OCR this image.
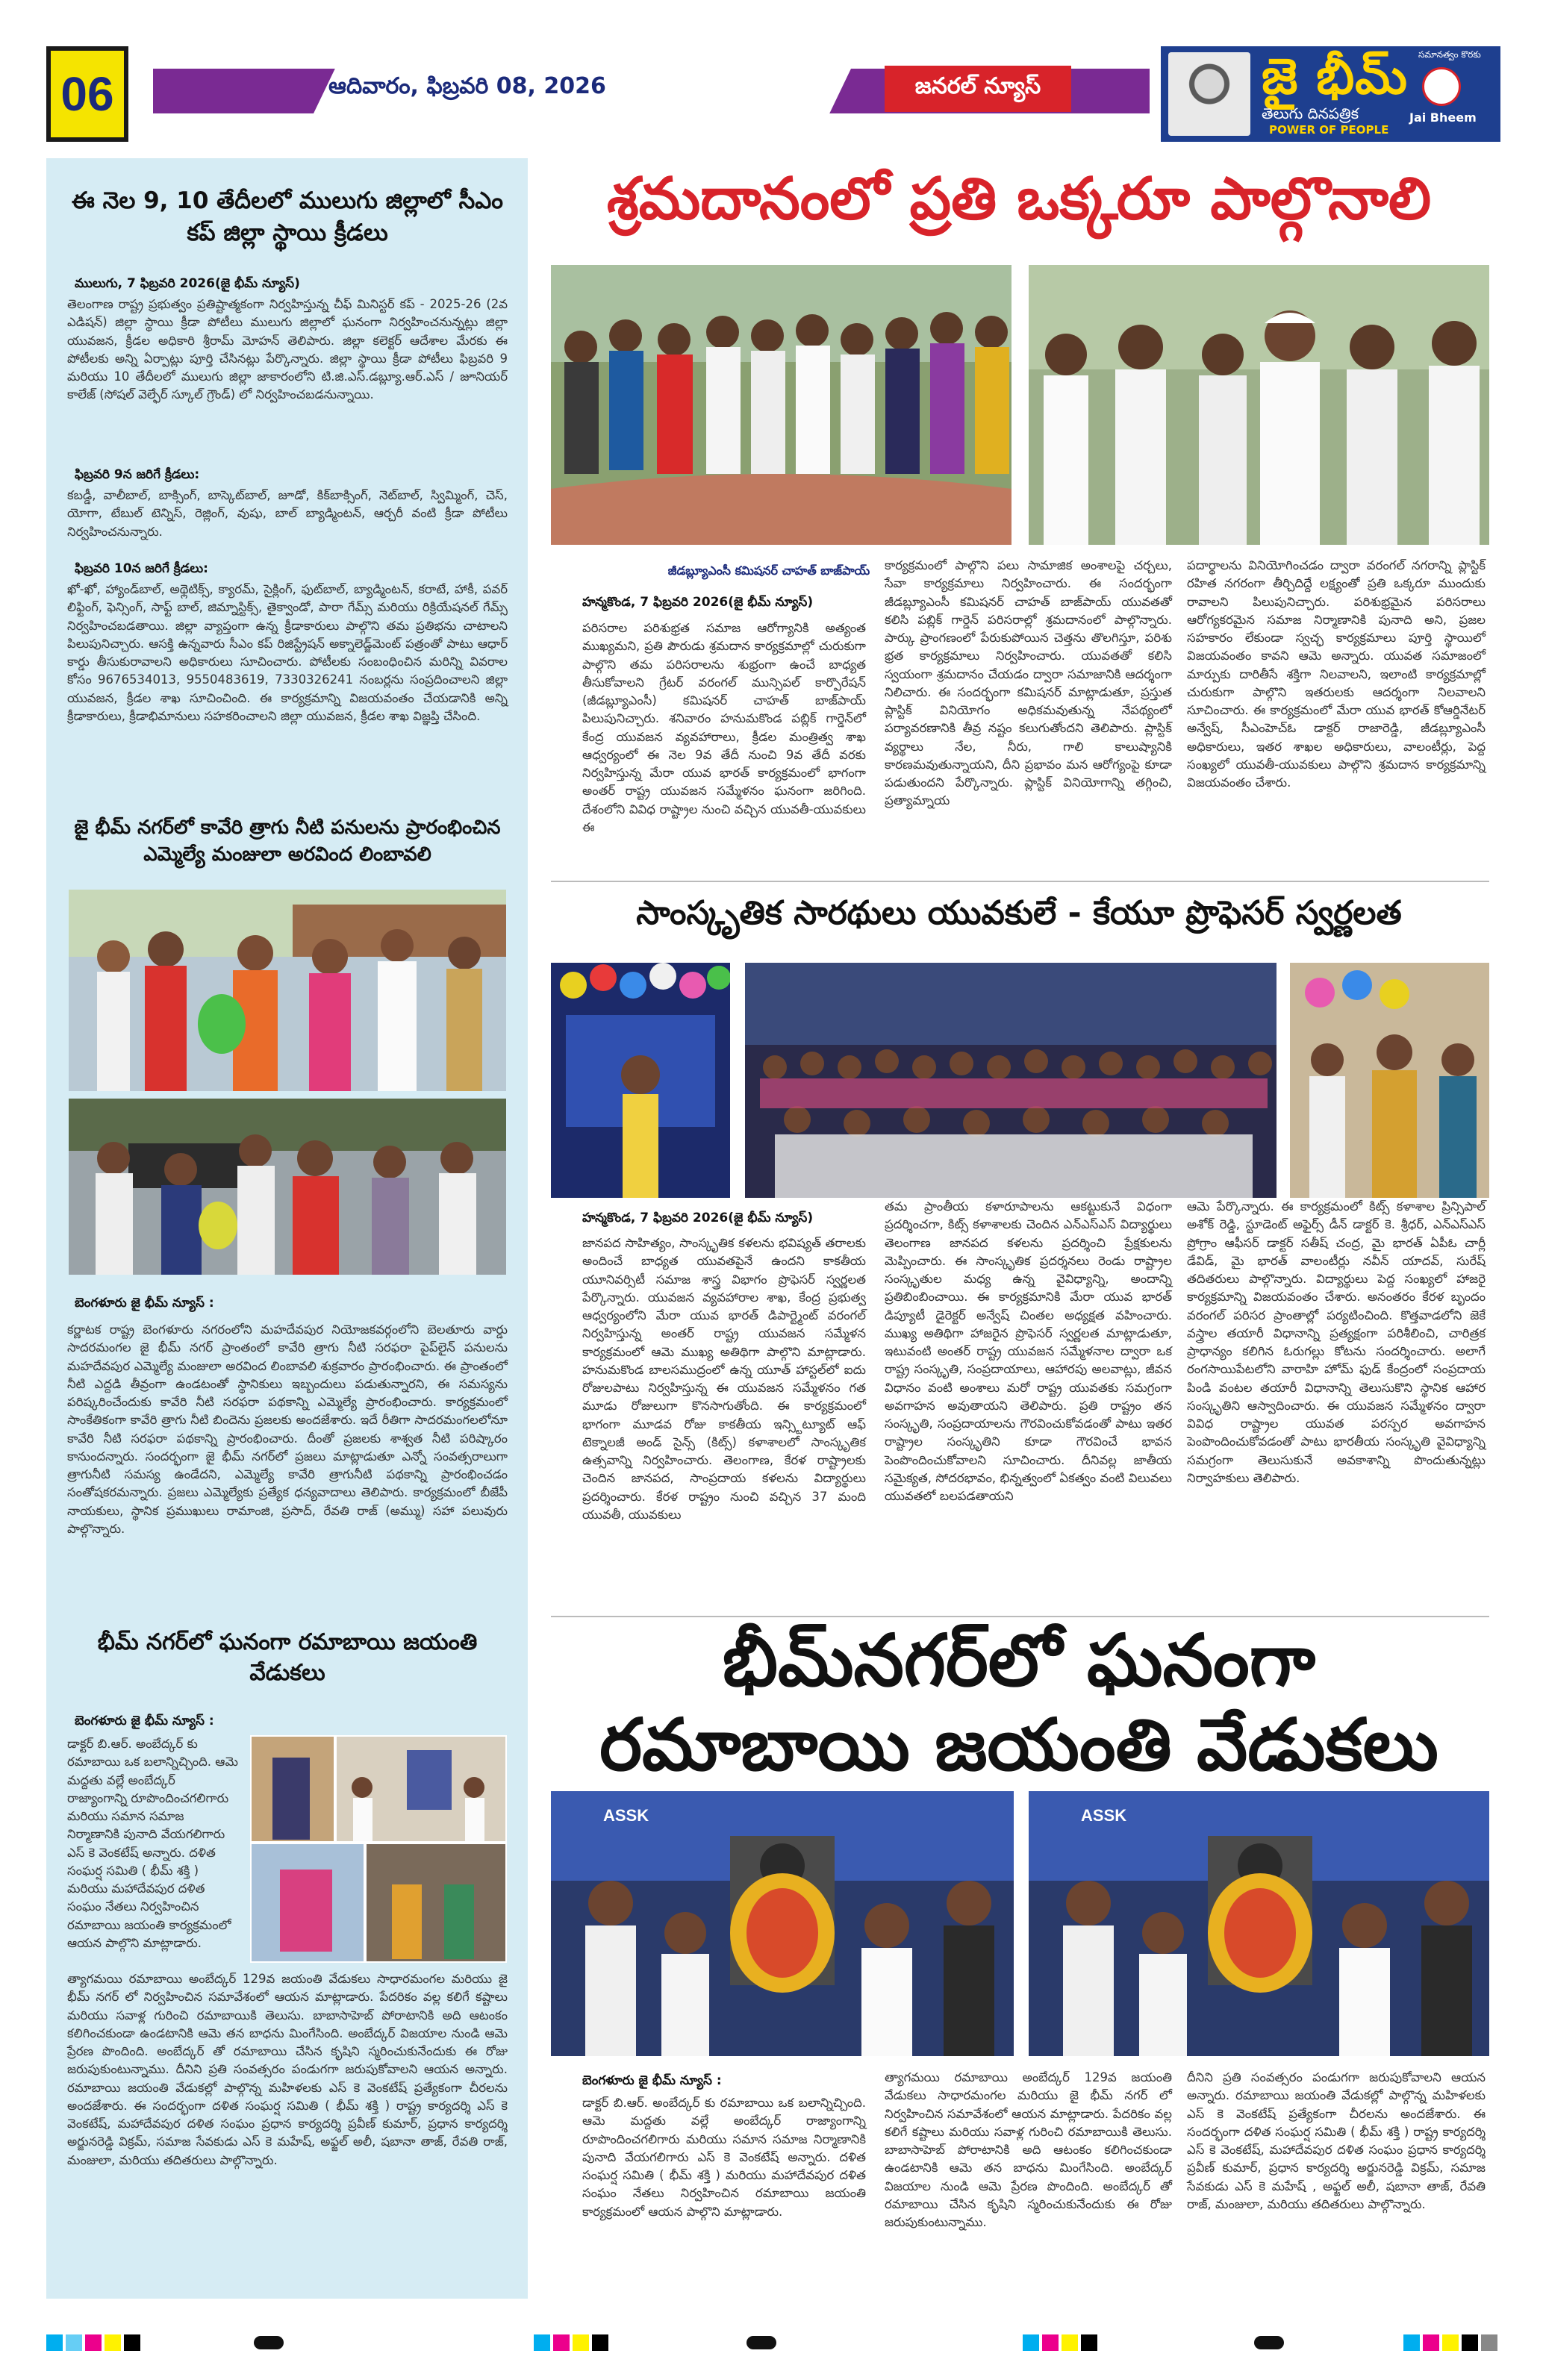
06	ఆదివారం, ఫిబ్రవరి 08, 2026	జనరల్ న్యూస్	జై భీమ్
తెలుగు దినపత్రిక
POWER OF PEOPLE
సమానత్వం కొరకు
Jai Bheem
ఈ నెల 9, 10 తేదీలలో ములుగు జిల్లాలో సీఎం కప్ జిల్లా స్థాయి క్రీడలు
ములుగు, 7 ఫిబ్రవరి 2026(జై భీమ్ న్యూస్)
తెలంగాణ రాష్ట్ర ప్రభుత్వం ప్రతిష్టాత్మకంగా నిర్వహిస్తున్న చీఫ్ మినిస్టర్ కప్ - 2025-26 (2వ ఎడిషన్) జిల్లా స్థాయి క్రీడా పోటీలు ములుగు జిల్లాలో ఘనంగా నిర్వహించనున్నట్లు జిల్లా యువజన, క్రీడల అధికారి శ్రీరామ్ మోహన్ తెలిపారు. జిల్లా కలెక్టర్ ఆదేశాల మేరకు ఈ పోటీలకు అన్ని ఏర్పాట్లు పూర్తి చేసినట్లు పేర్కొన్నారు. జిల్లా స్థాయి క్రీడా పోటీలు ఫిబ్రవరి 9 మరియు 10 తేదీలలో ములుగు జిల్లా జాకారంలోని టి.జి.ఎస్.డబ్ల్యూ.ఆర్.ఎస్ / జూనియర్ కాలేజ్ (సోషల్ వెల్ఫేర్ స్కూల్ గ్రౌండ్) లో నిర్వహించబడనున్నాయి.
ఫిబ్రవరి 9న జరిగే క్రీడలు:
కబడ్డీ, వాలీబాల్, బాక్సింగ్, బాస్కెట్‌బాల్, జూడో, కిక్‌బాక్సింగ్, నెట్‌బాల్, స్విమ్మింగ్, చెస్, యోగా, టేబుల్ టెన్నిస్, రెజ్లింగ్, వుషు, బాల్ బ్యాడ్మింటన్, ఆర్చరీ వంటి క్రీడా పోటీలు నిర్వహించనున్నారు.
ఫిబ్రవరి 10న జరిగే క్రీడలు:
ఖో-ఖో, హ్యాండ్‌బాల్, అథ్లెటిక్స్, క్యారమ్, సైక్లింగ్, ఫుట్‌బాల్, బ్యాడ్మింటన్, కరాటే, హాకీ, పవర్ లిఫ్టింగ్, ఫెన్సింగ్, సాఫ్ట్ బాల్, జిమ్నాస్టిక్స్, తైక్వాండో, పారా గేమ్స్ మరియు రిక్రియేషనల్ గేమ్స్ నిర్వహించబడతాయి. జిల్లా వ్యాప్తంగా ఉన్న క్రీడాకారులు పాల్గొని తమ ప్రతిభను చాటాలని పిలుపునిచ్చారు. ఆసక్తి ఉన్నవారు సీఎం కప్ రిజిస్ట్రేషన్ అక్నాలెడ్జ్‌మెంట్ పత్రంతో పాటు ఆధార్ కార్డు తీసుకురావాలని అధికారులు సూచించారు. పోటీలకు సంబంధించిన మరిన్ని వివరాల కోసం 9676534013, 9550483619, 7330326241 నంబర్లను సంప్రదించాలని జిల్లా యువజన, క్రీడల శాఖ సూచించింది. ఈ కార్యక్రమాన్ని విజయవంతం చేయడానికి అన్ని క్రీడాకారులు, క్రీడాభిమానులు సహకరించాలని జిల్లా యువజన, క్రీడల శాఖ విజ్ఞప్తి చేసింది.
జై భీమ్ నగర్‌లో కావేరి త్రాగు నీటి పనులను ప్రారంభించిన ఎమ్మెల్యే మంజులా అరవింద లింబావలి
బెంగళూరు జై భీమ్ న్యూస్ :
కర్ణాటక రాష్ట్ర బెంగళూరు నగరంలోని మహదేవపుర నియోజకవర్గంలోని బెలతూరు వార్డు సాదరమంగల జై భీమ్ నగర్ ప్రాంతంలో కావేరి త్రాగు నీటి సరఫరా పైప్‌లైన్ పనులను మహదేవపుర ఎమ్మెల్యే మంజులా అరవింద లింబావలి శుక్రవారం ప్రారంభించారు. ఈ ప్రాంతంలో నీటి ఎద్దడి తీవ్రంగా ఉండటంతో స్థానికులు ఇబ్బందులు పడుతున్నారని, ఈ సమస్యను పరిష్కరించేందుకు కావేరి నీటి సరఫరా పథకాన్ని ఎమ్మెల్యే ప్రారంభించారు. కార్యక్రమంలో సాంకేతికంగా కావేరి త్రాగు నీటి బిందెను ప్రజలకు అందజేశారు. ఇదే రీతిగా సాదరమంగలలోనూ కావేరి నీటి సరఫరా పథకాన్ని ప్రారంభించారు. దీంతో ప్రజలకు శాశ్వత నీటి పరిష్కారం కానుందన్నారు. సందర్భంగా జై భీమ్ నగర్‌లో ప్రజలు మాట్లాడుతూ ఎన్నో సంవత్సరాలుగా త్రాగునీటి సమస్య ఉండేదని, ఎమ్మెల్యే కావేరి త్రాగునీటి పథకాన్ని ప్రారంభించడం సంతోషకరమన్నారు. ప్రజలు ఎమ్మెల్యేకు ప్రత్యేక ధన్యవాదాలు తెలిపారు. కార్యక్రమంలో బీజేపీ నాయకులు, స్థానిక ప్రముఖులు రామాంజి, ప్రసాద్, రేవతి రాజ్ (అమ్ము) సహా పలువురు పాల్గొన్నారు.
భీమ్ నగర్‌లో ఘనంగా రమాబాయి జయంతి వేడుకలు
బెంగళూరు జై భీమ్ న్యూస్ :
డాక్టర్ బి.ఆర్. అంబేద్కర్ కు రమాబాయి ఒక బలాన్నిచ్చింది. ఆమె మద్దతు వల్లే అంబేద్కర్ రాజ్యాంగాన్ని రూపొందించగలిగారు మరియు సమాన సమాజ నిర్మాణానికి పునాది వేయగలిగారు ఎస్ కె వెంకటేష్ అన్నారు. దళిత సంఘర్ష సమితి ( భీమ్ శక్తి ) మరియు మహాదేవపుర దళిత సంఘం నేతలు నిర్వహించిన రమాబాయి జయంతి కార్యక్రమంలో ఆయన పాల్గొని మాట్లాడారు.
త్యాగమయి రమాబాయి అంబేద్కర్ 129వ జయంతి వేడుకలు సాధారమంగల మరియు జై భీమ్ నగర్ లో నిర్వహించిన సమావేశంలో ఆయన మాట్లాడారు. పేదరికం వల్ల కలిగే కష్టాలు మరియు సవాళ్ల గురించి రమాబాయికి తెలుసు. బాబాసాహెబ్ పోరాటానికి అది ఆటంకం కలిగించకుండా ఉండటానికి ఆమె తన బాధను మింగేసింది. అంబేద్కర్ విజయాల నుండి ఆమె ప్రేరణ పొందింది. అంబేద్కర్ తో రమాబాయి చేసిన కృషిని స్మరించుకునేందుకు ఈ రోజు జరుపుకుంటున్నాము. దీనిని ప్రతి సంవత్సరం పండుగగా జరుపుకోవాలని ఆయన అన్నారు. రమాబాయి జయంతి వేడుకల్లో పాల్గొన్న మహిళలకు ఎస్ కె వెంకటేష్ ప్రత్యేకంగా చీరలను అందజేశారు. ఈ సందర్భంగా దళిత సంఘర్ష సమితి ( భీమ్ శక్తి ) రాష్ట్ర కార్యదర్శి ఎస్ కె వెంకటేష్, మహాదేవపుర దళిత సంఘం ప్రధాన కార్యదర్శి ప్రవీణ్ కుమార్, ప్రధాన కార్యదర్శి అర్జునరెడ్డి విక్రమ్, సమాజ సేవకుడు ఎస్ కె మహేష్, అఫ్జల్ అలీ, షబానా తాజ్, రేవతి రాజ్, మంజులా, మరియు తదితరులు పాల్గొన్నారు.
శ్రమదానంలో ప్రతి ఒక్కరూ పాల్గొనాలి
జీడబ్ల్యూఎంసీ కమిషనర్ చాహత్ బాజ్‌పాయ్
హన్మకొండ, 7 ఫిబ్రవరి 2026(జై భీమ్ న్యూస్)
పరిసరాల పరిశుభ్రత సమాజ ఆరోగ్యానికి అత్యంత ముఖ్యమని, ప్రతి పౌరుడు శ్రమదాన కార్యక్రమాల్లో చురుకుగా పాల్గొని తమ పరిసరాలను శుభ్రంగా ఉంచే బాధ్యత తీసుకోవాలని గ్రేటర్ వరంగల్ మున్సిపల్ కార్పొరేషన్ (జీడబ్ల్యూఎంసీ) కమిషనర్ చాహత్ బాజ్‌పాయ్ పిలుపునిచ్చారు. శనివారం హనుమకొండ పబ్లిక్ గార్డెన్‌లో కేంద్ర యువజన వ్యవహారాలు, క్రీడల మంత్రిత్వ శాఖ ఆధ్వర్యంలో ఈ నెల 9వ తేదీ నుంచి 9వ తేదీ వరకు నిర్వహిస్తున్న మేరా యువ భారత్ కార్యక్రమంలో భాగంగా అంతర్ రాష్ట్ర యువజన సమ్మేళనం ఘనంగా జరిగింది. దేశంలోని వివిధ రాష్ట్రాల నుంచి వచ్చిన యువతీ-యువకులు ఈ
కార్యక్రమంలో పాల్గొని పలు సామాజిక అంశాలపై చర్చలు, సేవా కార్యక్రమాలు నిర్వహించారు. ఈ సందర్భంగా జీడబ్ల్యూఎంసీ కమిషనర్ చాహత్ బాజ్‌పాయ్ యువతతో కలిసి పబ్లిక్ గార్డెన్ పరిసరాల్లో శ్రమదానంలో పాల్గొన్నారు. పార్కు ప్రాంగణంలో పేరుకుపోయిన చెత్తను తొలగిస్తూ, పరిశు భ్రత కార్యక్రమాలు నిర్వహించారు. యువతతో కలిసి స్వయంగా శ్రమదానం చేయడం ద్వారా సమాజానికి ఆదర్శంగా నిలిచారు. ఈ సందర్భంగా కమిషనర్ మాట్లాడుతూ, ప్రస్తుత ప్లాస్టిక్ వినియోగం అధికమవుతున్న నేపథ్యంలో పర్యావరణానికి తీవ్ర నష్టం కలుగుతోందని తెలిపారు. ప్లాస్టిక్ వ్యర్థాలు నేల, నీరు, గాలి కాలుష్యానికి కారణమవుతున్నాయని, దీని ప్రభావం మన ఆరోగ్యంపై కూడా పడుతుందని పేర్కొన్నారు. ప్లాస్టిక్ వినియోగాన్ని తగ్గించి, ప్రత్యామ్నాయ
పదార్థాలను వినియోగించడం ద్వారా వరంగల్ నగరాన్ని ప్లాస్టిక్ రహిత నగరంగా తీర్చిదిద్దే లక్ష్యంతో ప్రతి ఒక్కరూ ముందుకు రావాలని పిలుపునిచ్చారు. పరిశుభ్రమైన పరిసరాలు ఆరోగ్యకరమైన సమాజ నిర్మాణానికి పునాది అని, ప్రజల సహకారం లేకుండా స్వచ్ఛ కార్యక్రమాలు పూర్తి స్థాయిలో విజయవంతం కావని ఆమె అన్నారు. యువత సమాజంలో మార్పుకు దారితీసే శక్తిగా నిలవాలని, ఇలాంటి కార్యక్రమాల్లో చురుకుగా పాల్గొని ఇతరులకు ఆదర్శంగా నిలవాలని సూచించారు. ఈ కార్యక్రమంలో మేరా యువ భారత్ కోఆర్డినేటర్ అన్వేష్, సీఎంహెచ్ఓ డాక్టర్ రాజారెడ్డి, జీడబ్ల్యూఎంసీ అధికారులు, ఇతర శాఖల అధికారులు, వాలంటీర్లు, పెద్ద సంఖ్యలో యువతీ-యువకులు పాల్గొని శ్రమదాన కార్యక్రమాన్ని విజయవంతం చేశారు.
సాంస్కృతిక సారథులు యువకులే - కేయూ ప్రొఫెసర్ స్వర్ణలత
హన్మకొండ, 7 ఫిబ్రవరి 2026(జై భీమ్ న్యూస్)
జానపద సాహిత్యం, సాంస్కృతిక కళలను భవిష్యత్ తరాలకు అందించే బాధ్యత యువతపైనే ఉందని కాకతీయ యూనివర్సిటీ సమాజ శాస్త్ర విభాగం ప్రొఫెసర్ స్వర్ణలత పేర్కొన్నారు. యువజన వ్యవహారాల శాఖ, కేంద్ర ప్రభుత్వ ఆధ్వర్యంలోని మేరా యువ భారత్ డిపార్ట్మెంట్ వరంగల్ నిర్వహిస్తున్న అంతర్ రాష్ట్ర యువజన సమ్మేళన కార్యక్రమంలో ఆమె ముఖ్య అతిథిగా పాల్గొని మాట్లాడారు. హనుమకొండ బాలసముద్రంలో ఉన్న యూత్ హాస్టల్‌లో ఐదు రోజులపాటు నిర్వహిస్తున్న ఈ యువజన సమ్మేళనం గత మూడు రోజులుగా కొనసాగుతోంది. ఈ కార్యక్రమంలో భాగంగా మూడవ రోజు కాకతీయ ఇన్స్టిట్యూట్ ఆఫ్ టెక్నాలజీ అండ్ సైన్స్ (కిట్స్) కళాశాలలో సాంస్కృతిక ఉత్సవాన్ని నిర్వహించారు. తెలంగాణ, కేరళ రాష్ట్రాలకు చెందిన జానపద, సాంప్రదాయ కళలను విద్యార్థులు ప్రదర్శించారు. కేరళ రాష్ట్రం నుంచి వచ్చిన 37 మంది యువతీ, యువకులు
తమ ప్రాంతీయ కళారూపాలను ఆకట్టుకునే విధంగా ప్రదర్శించగా, కిట్స్ కళాశాలకు చెందిన ఎన్ఎస్ఎస్ విద్యార్థులు తెలంగాణ జానపద కళలను ప్రదర్శించి ప్రేక్షకులను మెప్పించారు. ఈ సాంస్కృతిక ప్రదర్శనలు రెండు రాష్ట్రాల సంస్కృతుల మధ్య ఉన్న వైవిధ్యాన్ని, అందాన్ని ప్రతిబింబించాయి. ఈ కార్యక్రమానికి మేరా యువ భారత్ డిప్యూటీ డైరెక్టర్ అన్వేష్ చింతల అధ్యక్షత వహించారు. ముఖ్య అతిథిగా హాజరైన ప్రొఫెసర్ స్వర్ణలత మాట్లాడుతూ, ఇటువంటి అంతర్ రాష్ట్ర యువజన సమ్మేళనాల ద్వారా ఒక రాష్ట్ర సంస్కృతి, సంప్రదాయాలు, ఆహారపు అలవాట్లు, జీవన విధానం వంటి అంశాలు మరో రాష్ట్ర యువతకు సమగ్రంగా అవగాహన అవుతాయని తెలిపారు. ప్రతి రాష్ట్రం తన సంస్కృతి, సంప్రదాయాలను గౌరవించుకోవడంతో పాటు ఇతర రాష్ట్రాల సంస్కృతిని కూడా గౌరవించే భావన పెంపొందించుకోవాలని సూచించారు. దీనివల్ల జాతీయ సమైక్యత, సోదరభావం, భిన్నత్వంలో ఏకత్వం వంటి విలువలు యువతలో బలపడతాయని
ఆమె పేర్కొన్నారు. ఈ కార్యక్రమంలో కిట్స్ కళాశాల ప్రిన్సిపాల్ అశోక్ రెడ్డి, స్టూడెంట్ అఫైర్స్ డీన్ డాక్టర్ కె. శ్రీధర్, ఎన్ఎస్ఎస్ ప్రోగ్రాం ఆఫీసర్ డాక్టర్ సతీష్ చంద్ర, మై భారత్ ఏపీఓ చార్లీ డేవిడ్, మై భారత్ వాలంటీర్లు నవీన్ యాదవ్, సురేష్ తదితరులు పాల్గొన్నారు. విద్యార్థులు పెద్ద సంఖ్యలో హాజరై కార్యక్రమాన్ని విజయవంతం చేశారు. అనంతరం కేరళ బృందం వరంగల్ పరిసర ప్రాంతాల్లో పర్యటించింది. కొత్తవాడలోని జెకే వస్త్రాల తయారీ విధానాన్ని ప్రత్యక్షంగా పరిశీలించి, చారిత్రక ప్రాధాన్యం కలిగిన ఓరుగల్లు కోటను సందర్శించారు. అలాగే రంగసాయిపేటలోని వారాహి హోమ్ ఫుడ్ కేంద్రంలో సంప్రదాయ పిండి వంటల తయారీ విధానాన్ని తెలుసుకొని స్థానిక ఆహార సంస్కృతిని ఆస్వాదించారు. ఈ యువజన సమ్మేళనం ద్వారా వివిధ రాష్ట్రాల యువత పరస్పర అవగాహన పెంపొందించుకోవడంతో పాటు భారతీయ సంస్కృతి వైవిధ్యాన్ని సమగ్రంగా తెలుసుకునే అవకాశాన్ని పొందుతున్నట్లు నిర్వాహకులు తెలిపారు.
భీమ్‌నగర్‌లో ఘనంగా
రమాబాయి జయంతి వేడుకలు
ASSK	ASSK
బెంగళూరు జై భీమ్ న్యూస్ :
డాక్టర్ బి.ఆర్. అంబేద్కర్ కు రమాబాయి ఒక బలాన్నిచ్చింది. ఆమె మద్దతు వల్లే అంబేద్కర్ రాజ్యాంగాన్ని రూపొందించగలిగారు మరియు సమాన సమాజ నిర్మాణానికి పునాది వేయగలిగారు ఎస్ కె వెంకటేష్ అన్నారు. దళిత సంఘర్ష సమితి ( భీమ్ శక్తి ) మరియు మహాదేవపుర దళిత సంఘం నేతలు నిర్వహించిన రమాబాయి జయంతి కార్యక్రమంలో ఆయన పాల్గొని మాట్లాడారు.
త్యాగమయి రమాబాయి అంబేద్కర్ 129వ జయంతి వేడుకలు సాధారమంగల మరియు జై భీమ్ నగర్ లో నిర్వహించిన సమావేశంలో ఆయన మాట్లాడారు. పేదరికం వల్ల కలిగే కష్టాలు మరియు సవాళ్ల గురించి రమాబాయికి తెలుసు. బాబాసాహెబ్ పోరాటానికి అది ఆటంకం కలిగించకుండా ఉండటానికి ఆమె తన బాధను మింగేసింది. అంబేద్కర్ విజయాల నుండి ఆమె ప్రేరణ పొందింది. అంబేద్కర్ తో రమాబాయి చేసిన కృషిని స్మరించుకునేందుకు ఈ రోజు జరుపుకుంటున్నాము.
దీనిని ప్రతి సంవత్సరం పండుగగా జరుపుకోవాలని ఆయన అన్నారు. రమాబాయి జయంతి వేడుకల్లో పాల్గొన్న మహిళలకు ఎస్ కె వెంకటేష్ ప్రత్యేకంగా చీరలను అందజేశారు. ఈ సందర్భంగా దళిత సంఘర్ష సమితి ( భీమ్ శక్తి ) రాష్ట్ర కార్యదర్శి ఎస్ కె వెంకటేష్, మహాదేవపుర దళిత సంఘం ప్రధాన కార్యదర్శి ప్రవీణ్ కుమార్, ప్రధాన కార్యదర్శి అర్జునరెడ్డి విక్రమ్, సమాజ సేవకుడు ఎస్ కె మహేష్ , అఫ్జల్ అలీ, షబానా తాజ్, రేవతి రాజ్, మంజులా, మరియు తదితరులు పాల్గొన్నారు.
